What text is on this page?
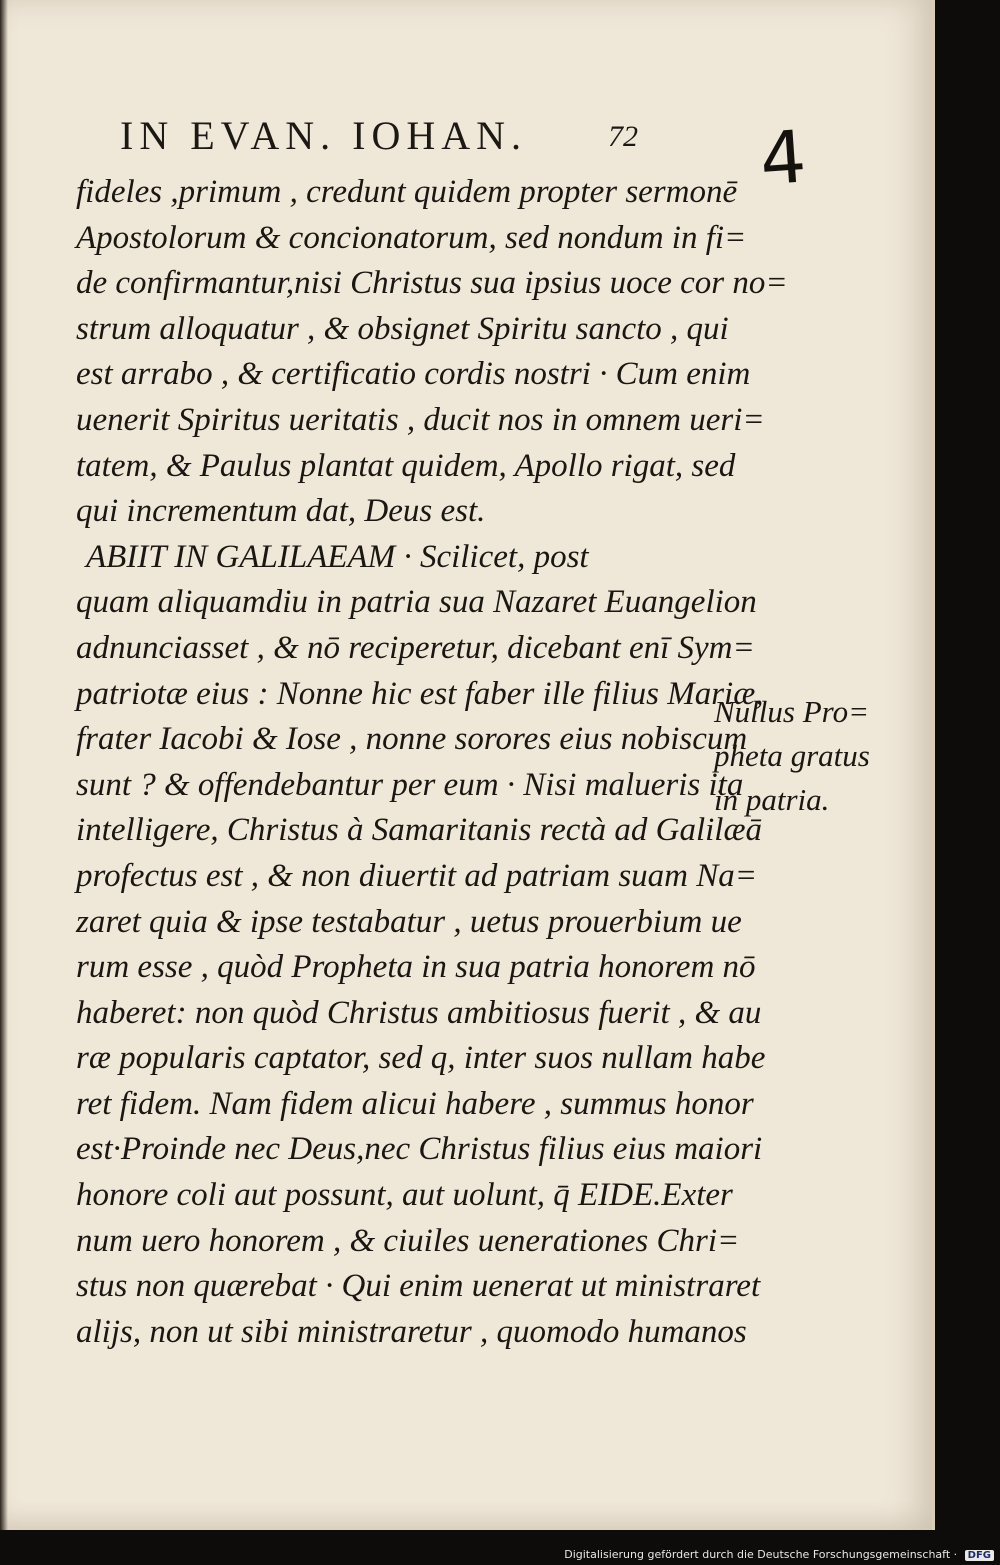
IN EVAN. IOHAN.	72 4
fideles ,primum , credunt quidem propter sermonē
Apostolorum & concionatorum, sed nondum in fi=
de confirmantur,nisi Christus sua ipsius uoce cor no=
strum alloquatur , & obsignet Spiritu sancto , qui
est arrabo , & certificatio cordis nostri · Cum enim
uenerit Spiritus ueritatis , ducit nos in omnem ueri=
tatem, & Paulus plantat quidem, Apollo rigat, sed
qui incrementum dat, Deus est.
ABIIT IN GALILAEAM · Scilicet, post
quam aliquamdiu in patria sua Nazaret Euangelion
adnunciasset , & nō reciperetur, dicebant enī Sym=
patriotæ eius : Nonne hic est faber ille filius Mariæ,
frater Iacobi & Iose , nonne sorores eius nobiscum
sunt ? & offendebantur per eum · Nisi malueris ita
intelligere, Christus à Samaritanis rectà ad Galilæā
profectus est , & non diuertit ad patriam suam Na=
zaret quia & ipse testabatur , uetus prouerbium ue
rum esse , quòd Propheta in sua patria honorem nō
haberet: non quòd Christus ambitiosus fuerit , & au
ræ popularis captator, sed q, inter suos nullam habe
ret fidem. Nam fidem alicui habere , summus honor
est·Proinde nec Deus,nec Christus filius eius maiori
honore coli aut possunt, aut uolunt, q̄ EIDE.Exter
num uero honorem , & ciuiles uenerationes Chri=
stus non quærebat · Qui enim uenerat ut ministraret
alijs, non ut sibi ministraretur , quomodo humanos
Nullus Pro=
pheta gratus
in patria.
Digitalisierung gefördert durch die Deutsche Forschungsgemeinschaft · DFG
